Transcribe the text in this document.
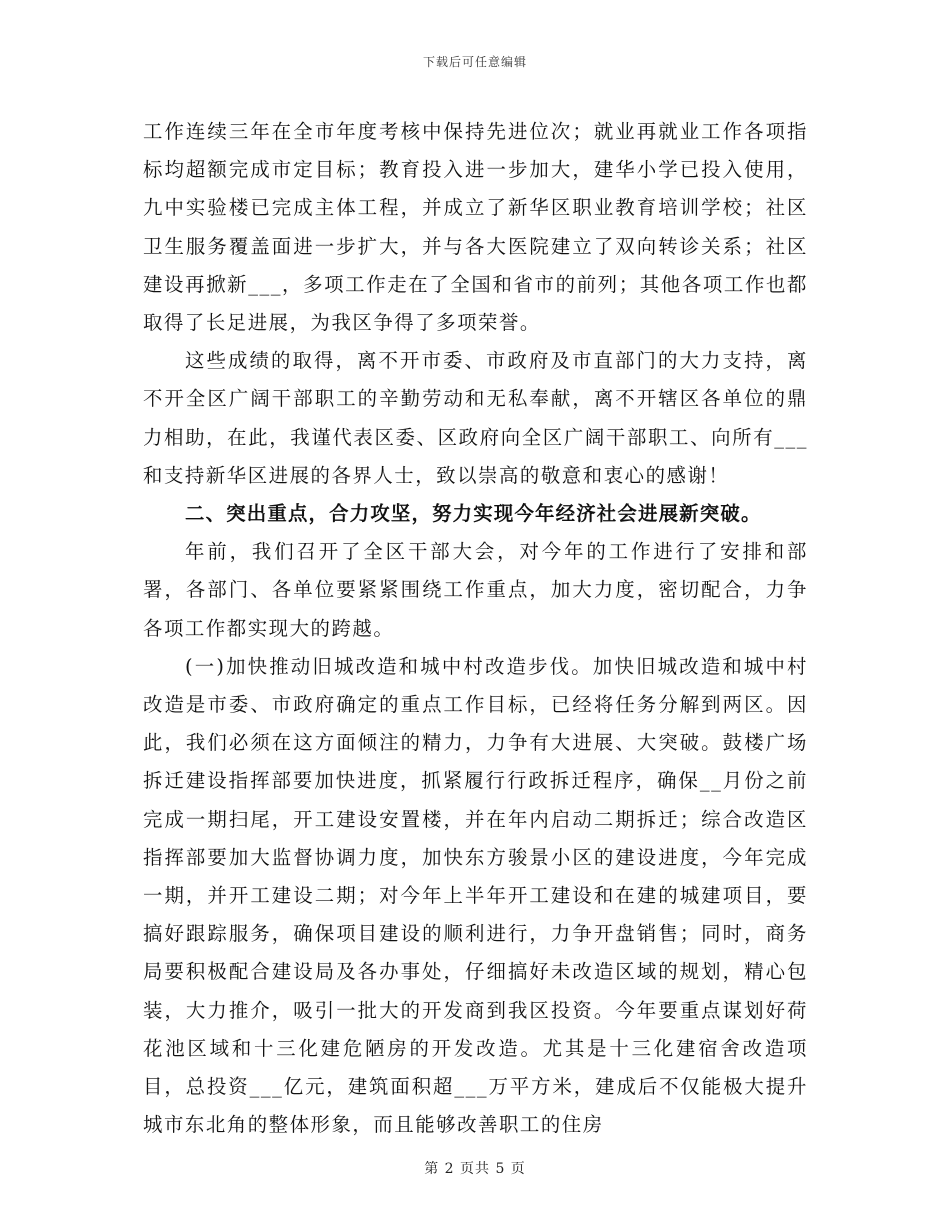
下载后可任意编辑

工作连续三年在全市年度考核中保持先进位次；就业再就业工作各项指标均超额完成市定目标；教育投入进一步加大，建华小学已投入使用，九中实验楼已完成主体工程，并成立了新华区职业教育培训学校；社区卫生服务覆盖面进一步扩大，并与各大医院建立了双向转诊关系；社区建设再掀新___，多项工作走在了全国和省市的前列；其他各项工作也都取得了长足进展，为我区争得了多项荣誉。

这些成绩的取得，离不开市委、市政府及市直部门的大力支持，离不开全区广阔干部职工的辛勤劳动和无私奉献，离不开辖区各单位的鼎力相助，在此，我谨代表区委、区政府向全区广阔干部职工、向所有___和支持新华区进展的各界人士，致以崇高的敬意和衷心的感谢！

二、突出重点，合力攻坚，努力实现今年经济社会进展新突破。

年前，我们召开了全区干部大会，对今年的工作进行了安排和部署，各部门、各单位要紧紧围绕工作重点，加大力度，密切配合，力争各项工作都实现大的跨越。

(一)加快推动旧城改造和城中村改造步伐。加快旧城改造和城中村改造是市委、市政府确定的重点工作目标，已经将任务分解到两区。因此，我们必须在这方面倾注的精力，力争有大进展、大突破。鼓楼广场拆迁建设指挥部要加快进度，抓紧履行行政拆迁程序，确保__月份之前完成一期扫尾，开工建设安置楼，并在年内启动二期拆迁；综合改造区指挥部要加大监督协调力度，加快东方骏景小区的建设进度，今年完成一期，并开工建设二期；对今年上半年开工建设和在建的城建项目，要搞好跟踪服务，确保项目建设的顺利进行，力争开盘销售；同时，商务局要积极配合建设局及各办事处，仔细搞好未改造区域的规划，精心包装，大力推介，吸引一批大的开发商到我区投资。今年要重点谋划好荷花池区域和十三化建危陋房的开发改造。尤其是十三化建宿舍改造项目，总投资___亿元，建筑面积超___万平方米，建成后不仅能极大提升城市东北角的整体形象，而且能够改善职工的住房

第 2 页共 5 页
